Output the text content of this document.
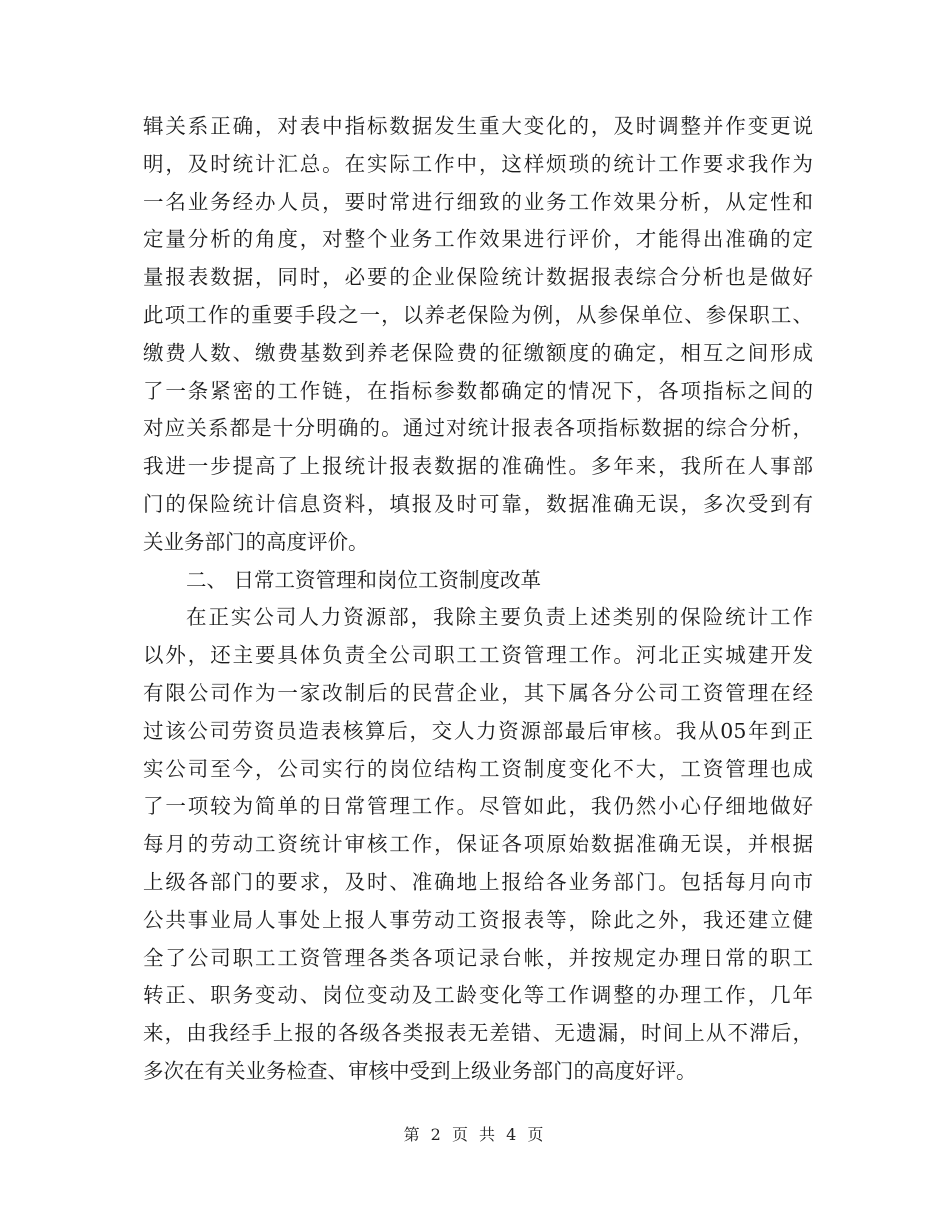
辑关系正确，对表中指标数据发生重大变化的，及时调整并作变更说
明，及时统计汇总。在实际工作中，这样烦琐的统计工作要求我作为
一名业务经办人员，要时常进行细致的业务工作效果分析，从定性和
定量分析的角度，对整个业务工作效果进行评价，才能得出准确的定
量报表数据，同时，必要的企业保险统计数据报表综合分析也是做好
此项工作的重要手段之一，以养老保险为例，从参保单位、参保职工、
缴费人数、缴费基数到养老保险费的征缴额度的确定，相互之间形成
了一条紧密的工作链，在指标参数都确定的情况下，各项指标之间的
对应关系都是十分明确的。通过对统计报表各项指标数据的综合分析，
我进一步提高了上报统计报表数据的准确性。多年来，我所在人事部
门的保险统计信息资料，填报及时可靠，数据准确无误，多次受到有
关业务部门的高度评价。
二、 日常工资管理和岗位工资制度改革
在正实公司人力资源部，我除主要负责上述类别的保险统计工作
以外，还主要具体负责全公司职工工资管理工作。河北正实城建开发
有限公司作为一家改制后的民营企业，其下属各分公司工资管理在经
过该公司劳资员造表核算后，交人力资源部最后审核。我从05年到正
实公司至今，公司实行的岗位结构工资制度变化不大，工资管理也成
了一项较为简单的日常管理工作。尽管如此，我仍然小心仔细地做好
每月的劳动工资统计审核工作，保证各项原始数据准确无误，并根据
上级各部门的要求，及时、准确地上报给各业务部门。包括每月向市
公共事业局人事处上报人事劳动工资报表等，除此之外，我还建立健
全了公司职工工资管理各类各项记录台帐，并按规定办理日常的职工
转正、职务变动、岗位变动及工龄变化等工作调整的办理工作，几年
来，由我经手上报的各级各类报表无差错、无遗漏，时间上从不滞后，
多次在有关业务检查、审核中受到上级业务部门的高度好评。
第 2 页 共 4 页
